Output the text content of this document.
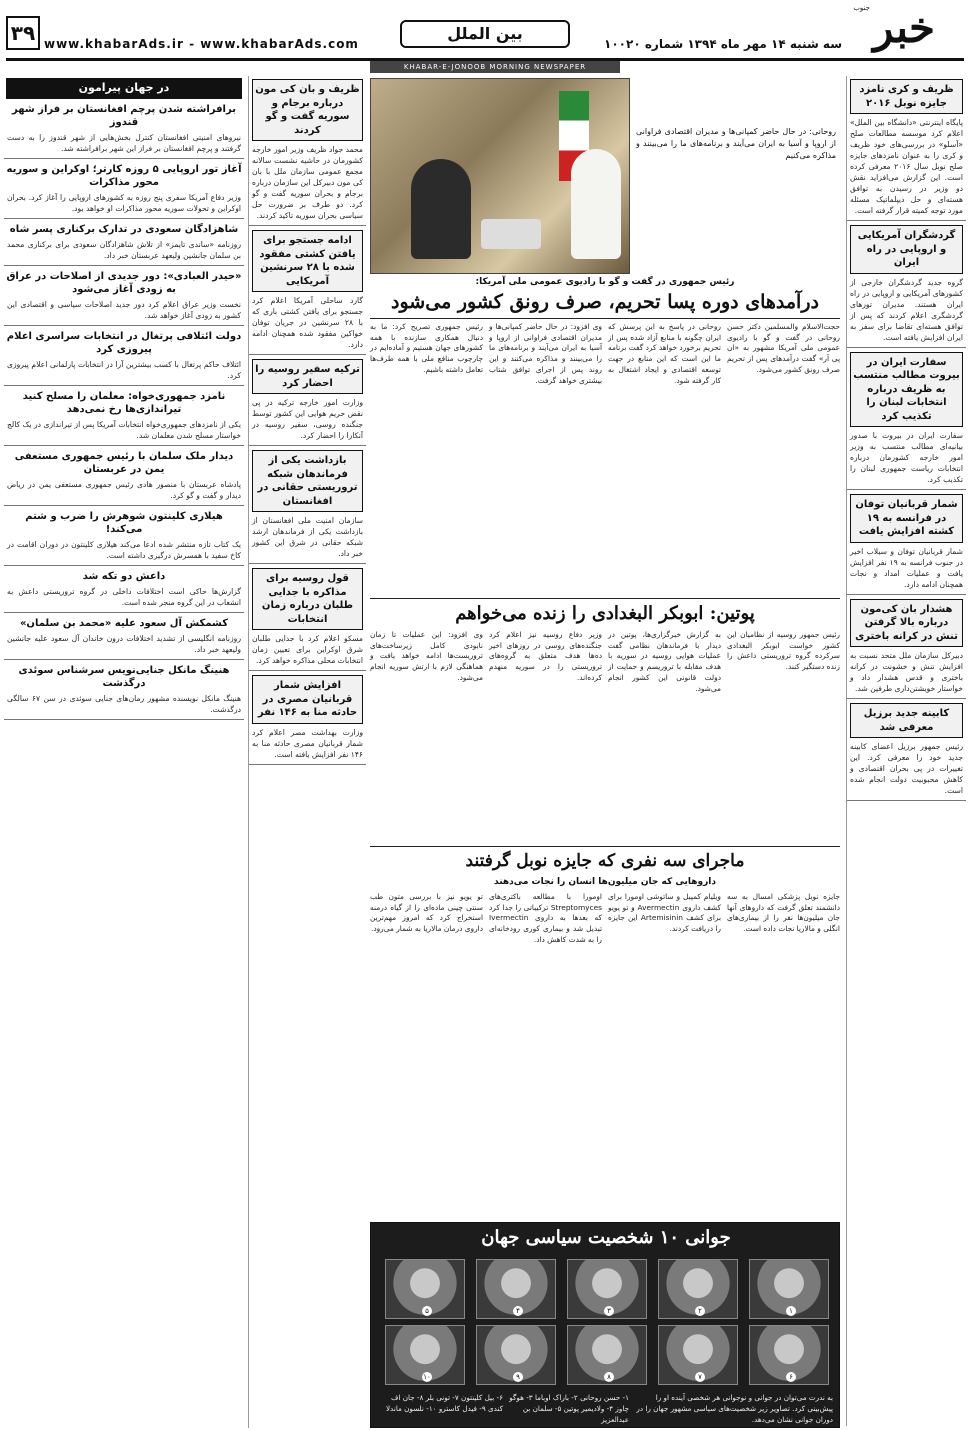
خبر
جنوب
سه شنبه ۱۴ مهر ماه ۱۳۹۴ شماره ۱۰۰۲۰
بین الملل
www.khabarAds.ir - www.khabarAds.com
۳۹
KHABAR-E-JONOOB MORNING NEWSPAPER
ظریف و کری نامزد جایزه نوبل ۲۰۱۶
پایگاه اینترنتی «دانشگاه بین الملل» اعلام کرد موسسه مطالعات صلح «آسلو» در بررسی‌های خود ظریف و کری را به عنوان نامزدهای جایزه صلح نوبل سال ۲۰۱۶ معرفی کرده است. این گزارش می‌افزاید نقش دو وزیر در رسیدن به توافق هسته‌ای و حل دیپلماتیک مسئله مورد توجه کمیته قرار گرفته است.
گردشگران آمریکایی و اروپایی در راه ایران
گروه جدید گردشگران خارجی از کشورهای آمریکایی و اروپایی در راه ایران هستند. مدیران تورهای گردشگری اعلام کردند که پس از توافق هسته‌ای تقاضا برای سفر به ایران افزایش یافته است.
سفارت ایران در بیروت مطالب منتسب به ظریف درباره انتخابات لبنان را تکذیب کرد
سفارت ایران در بیروت با صدور بیانیه‌ای مطالب منتسب به وزیر امور خارجه کشورمان درباره انتخابات ریاست جمهوری لبنان را تکذیب کرد.
شمار قربانیان توفان در فرانسه به ۱۹ کشته افزایش یافت
شمار قربانیان توفان و سیلاب اخیر در جنوب فرانسه به ۱۹ نفر افزایش یافت و عملیات امداد و نجات همچنان ادامه دارد.
هشدار بان کی‌مون درباره بالا گرفتن تنش در کرانه باختری
دبیرکل سازمان ملل متحد نسبت به افزایش تنش و خشونت در کرانه باختری و قدس هشدار داد و خواستار خویشتن‌داری طرفین شد.
کابینه جدید برزیل معرفی شد
رئیس جمهور برزیل اعضای کابینه جدید خود را معرفی کرد. این تغییرات در پی بحران اقتصادی و کاهش محبوبیت دولت انجام شده است.
روحانی: در حال حاضر کمپانی‌ها و مدیران اقتصادی فراوانی از اروپا و آسیا به ایران می‌آیند و برنامه‌های ما را می‌بینند و مذاکره می‌کنیم
رئیس جمهوری در گفت و گو با رادیوی عمومی ملی آمریکا:
درآمدهای دوره پسا تحریم، صرف رونق کشور می‌شود
حجت‌الاسلام والمسلمین دکتر حسن روحانی در گفت و گو با رادیوی عمومی ملی آمریکا مشهور به «ان پی آر» گفت درآمدهای پس از تحریم صرف رونق کشور می‌شود.
روحانی در پاسخ به این پرسش که ایران چگونه با منابع آزاد شده پس از تحریم برخورد خواهد کرد گفت برنامه ما این است که این منابع در جهت توسعه اقتصادی و ایجاد اشتغال به کار گرفته شود.
وی افزود: در حال حاضر کمپانی‌ها و مدیران اقتصادی فراوانی از اروپا و آسیا به ایران می‌آیند و برنامه‌های ما را می‌بینند و مذاکره می‌کنند و این روند پس از اجرای توافق شتاب بیشتری خواهد گرفت.
رئیس جمهوری تصریح کرد: ما به دنبال همکاری سازنده با همه کشورهای جهان هستیم و آماده‌ایم در چارچوب منافع ملی با همه طرف‌ها تعامل داشته باشیم.
پوتین: ابوبکر البغدادی را زنده می‌خواهم
رئیس جمهور روسیه از نظامیان این کشور خواست ابوبکر البغدادی سرکرده گروه تروریستی داعش را زنده دستگیر کنند.
به گزارش خبرگزاری‌ها، پوتین در دیدار با فرماندهان نظامی گفت عملیات هوایی روسیه در سوریه با هدف مقابله با تروریسم و حمایت از دولت قانونی این کشور انجام می‌شود.
وزیر دفاع روسیه نیز اعلام کرد جنگنده‌های روسی در روزهای اخیر ده‌ها هدف متعلق به گروه‌های تروریستی را در سوریه منهدم کرده‌اند.
وی افزود: این عملیات تا زمان نابودی کامل زیرساخت‌های تروریست‌ها ادامه خواهد یافت و هماهنگی لازم با ارتش سوریه انجام می‌شود.
ماجرای سه نفری که جایزه نوبل گرفتند
داروهایی که جان میلیون‌ها انسان را نجات می‌دهند
جایزه نوبل پزشکی امسال به سه دانشمند تعلق گرفت که داروهای آنها جان میلیون‌ها نفر را از بیماری‌های انگلی و مالاریا نجات داده است.
ویلیام کمپبل و ساتوشی اومورا برای کشف داروی Avermectin و تو یویو برای کشف Artemisinin این جایزه را دریافت کردند.
اومورا با مطالعه باکتری‌های Streptomyces ترکیباتی را جدا کرد که بعدها به داروی Ivermectin تبدیل شد و بیماری کوری رودخانه‌ای را به شدت کاهش داد.
تو یویو نیز با بررسی متون طب سنتی چینی ماده‌ای را از گیاه درمنه استخراج کرد که امروز مهم‌ترین داروی درمان مالاریا به شمار می‌رود.
جوانی ۱۰ شخصیت سیاسی جهان
۱
۲
۳
۴
۵
۶
۷
۸
۹
۱۰
به ندرت می‌توان در جوانی و نوجوانی هر شخصی آینده او را پیش‌بینی کرد. تصاویر زیر شخصیت‌های سیاسی مشهور جهان را در دوران جوانی نشان می‌دهد.
۱- حسن روحانی ۲- باراک اوباما ۳- هوگو چاوز ۴- ولادیمیر پوتین ۵- سلمان بن عبدالعزیز
۶- بیل کلینتون ۷- تونی بلر ۸- جان اف کندی ۹- فیدل کاسترو ۱۰- نلسون ماندلا
ظریف و بان کی مون درباره برجام و سوریه گفت و گو کردند
محمد جواد ظریف وزیر امور خارجه کشورمان در حاشیه نشست سالانه مجمع عمومی سازمان ملل با بان کی مون دبیرکل این سازمان درباره برجام و بحران سوریه گفت و گو کرد. دو طرف بر ضرورت حل سیاسی بحران سوریه تاکید کردند.
ادامه جستجو برای یافتن کشتی مفقود شده با ۲۸ سرنشین آمریکایی
گارد ساحلی آمریکا اعلام کرد جستجو برای یافتن کشتی باری که با ۲۸ سرنشین در جریان توفان خواکین مفقود شده همچنان ادامه دارد.
ترکیه سفیر روسیه را احضار کرد
وزارت امور خارجه ترکیه در پی نقض حریم هوایی این کشور توسط جنگنده روسی، سفیر روسیه در آنکارا را احضار کرد.
بازداشت یکی از فرماندهان شبکه تروریستی حقانی در افغانستان
سازمان امنیت ملی افغانستان از بازداشت یکی از فرماندهان ارشد شبکه حقانی در شرق این کشور خبر داد.
قول روسیه برای مذاکره با جدایی طلبان درباره زمان انتخابات
مسکو اعلام کرد با جدایی طلبان شرق اوکراین برای تعیین زمان انتخابات محلی مذاکره خواهد کرد.
افزایش شمار قربانیان مصری در حادثه منا به ۱۴۶ نفر
وزارت بهداشت مصر اعلام کرد شمار قربانیان مصری حادثه منا به ۱۴۶ نفر افزایش یافته است.
در جهان پیرامون
برافراشته شدن پرچم افغانستان بر فراز شهر قندوز
نیروهای امنیتی افغانستان کنترل بخش‌هایی از شهر قندوز را به دست گرفتند و پرچم افغانستان بر فراز این شهر برافراشته شد.
آغاز تور اروپایی ۵ روزه کارتر؛ اوکراین و سوریه محور مذاکرات
وزیر دفاع آمریکا سفری پنج روزه به کشورهای اروپایی را آغاز کرد. بحران اوکراین و تحولات سوریه محور مذاکرات او خواهد بود.
شاهزادگان سعودی در تدارک برکناری پسر شاه
روزنامه «ساندی تایمز» از تلاش شاهزادگان سعودی برای برکناری محمد بن سلمان جانشین ولیعهد عربستان خبر داد.
«حیدر العبادی»: دور جدیدی از اصلاحات در عراق به زودی آغاز می‌شود
نخست وزیر عراق اعلام کرد دور جدید اصلاحات سیاسی و اقتصادی این کشور به زودی آغاز خواهد شد.
دولت ائتلافی پرتغال در انتخابات سراسری اعلام پیروزی کرد
ائتلاف حاکم پرتغال با کسب بیشترین آرا در انتخابات پارلمانی اعلام پیروزی کرد.
نامزد جمهوری‌خواه: معلمان را مسلح کنید تیراندازی‌ها رخ نمی‌دهد
یکی از نامزدهای جمهوری‌خواه انتخابات آمریکا پس از تیراندازی در یک کالج خواستار مسلح شدن معلمان شد.
دیدار ملک سلمان با رئیس جمهوری مستعفی یمن در عربستان
پادشاه عربستان با منصور هادی رئیس جمهوری مستعفی یمن در ریاض دیدار و گفت و گو کرد.
هیلاری کلینتون شوهرش را ضرب و شتم می‌کند!
یک کتاب تازه منتشر شده ادعا می‌کند هیلاری کلینتون در دوران اقامت در کاخ سفید با همسرش درگیری داشته است.
داعش دو تکه شد
گزارش‌ها حاکی است اختلافات داخلی در گروه تروریستی داعش به انشعاب در این گروه منجر شده است.
کشمکش آل سعود علیه «محمد بن سلمان»
روزنامه انگلیسی از تشدید اختلافات درون خاندان آل سعود علیه جانشین ولیعهد خبر داد.
هنینگ مانکل جنایی‌نویس سرشناس سوئدی درگذشت
هنینگ مانکل نویسنده مشهور رمان‌های جنایی سوئدی در سن ۶۷ سالگی درگذشت.
